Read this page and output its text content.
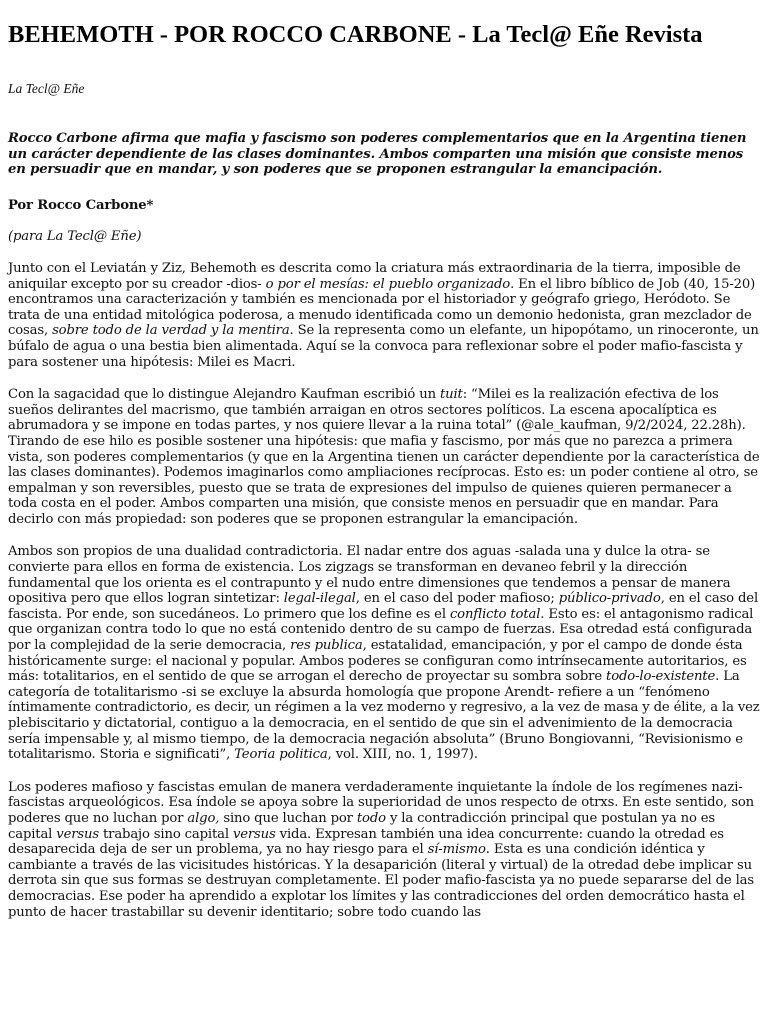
BEHEMOTH - POR ROCCO CARBONE - La Tecl@ Eñe Revista
La Tecl@ Eñe

Rocco Carbone afirma que mafia y fascismo son poderes complementarios que en la Argentina tienen un carácter dependiente de las clases dominantes. Ambos comparten una misión que consiste menos en persuadir que en mandar, y son poderes que se proponen estrangular la emancipación.

Por Rocco Carbone*

(para La Tecl@ Eñe)

Junto con el Leviatán y Ziz, Behemoth es descrita como la criatura más extraordinaria de la tierra, imposible de aniquilar excepto por su creador -dios- o por el mesías: el pueblo organizado. En el libro bíblico de Job (40, 15-20) encontramos una caracterización y también es mencionada por el historiador y geógrafo griego, Heródoto. Se trata de una entidad mitológica poderosa, a menudo identificada como un demonio hedonista, gran mezclador de cosas, sobre todo de la verdad y la mentira. Se la representa como un elefante, un hipopótamo, un rinoceronte, un búfalo de agua o una bestia bien alimentada. Aquí se la convoca para reflexionar sobre el poder mafio-fascista y para sostener una hipótesis: Milei es Macri.

Con la sagacidad que lo distingue Alejandro Kaufman escribió un tuit: “Milei es la realización efectiva de los sueños delirantes del macrismo, que también arraigan en otros sectores políticos. La escena apocalíptica es abrumadora y se impone en todas partes, y nos quiere llevar a la ruina total” (@ale_kaufman, 9/2/2024, 22.28h). Tirando de ese hilo es posible sostener una hipótesis: que mafia y fascismo, por más que no parezca a primera vista, son poderes complementarios (y que en la Argentina tienen un carácter dependiente por la característica de las clases dominantes). Podemos imaginarlos como ampliaciones recíprocas. Esto es: un poder contiene al otro, se empalman y son reversibles, puesto que se trata de expresiones del impulso de quienes quieren permanecer a toda costa en el poder. Ambos comparten una misión, que consiste menos en persuadir que en mandar. Para decirlo con más propiedad: son poderes que se proponen estrangular la emancipación.

Ambos son propios de una dualidad contradictoria. El nadar entre dos aguas -salada una y dulce la otra- se convierte para ellos en forma de existencia. Los zigzags se transforman en devaneo febril y la dirección fundamental que los orienta es el contrapunto y el nudo entre dimensiones que tendemos a pensar de manera opositiva pero que ellos logran sintetizar: legal-ilegal, en el caso del poder mafioso; público-privado, en el caso del fascista. Por ende, son sucedáneos. Lo primero que los define es el conflicto total. Esto es: el antagonismo radical que organizan contra todo lo que no está contenido dentro de su campo de fuerzas. Esa otredad está configurada por la complejidad de la serie democracia, res publica, estatalidad, emancipación, y por el campo de donde ésta históricamente surge: el nacional y popular. Ambos poderes se configuran como intrínsecamente autoritarios, es más: totalitarios, en el sentido de que se arrogan el derecho de proyectar su sombra sobre todo-lo-existente. La categoría de totalitarismo -si se excluye la absurda homología que propone Arendt- refiere a un “fenómeno íntimamente contradictorio, es decir, un régimen a la vez moderno y regresivo, a la vez de masa y de élite, a la vez plebiscitario y dictatorial, contiguo a la democracia, en el sentido de que sin el advenimiento de la democracia sería impensable y, al mismo tiempo, de la democracia negación absoluta” (Bruno Bongiovanni, “Revisionismo e totalitarismo. Storia e significati”, Teoria politica, vol. XIII, no. 1, 1997).

Los poderes mafioso y fascistas emulan de manera verdaderamente inquietante la índole de los regímenes nazi-fascistas arqueológicos. Esa índole se apoya sobre la superioridad de unos respecto de otrxs. En este sentido, son poderes que no luchan por algo, sino que luchan por todo y la contradicción principal que postulan ya no es capital versus trabajo sino capital versus vida. Expresan también una idea concurrente: cuando la otredad es desaparecida deja de ser un problema, ya no hay riesgo para el sí-mismo. Esta es una condición idéntica y cambiante a través de las vicisitudes históricas. Y la desaparición (literal y virtual) de la otredad debe implicar su derrota sin que sus formas se destruyan completamente. El poder mafio-fascista ya no puede separarse del de las democracias. Ese poder ha aprendido a explotar los límites y las contradicciones del orden democrático hasta el punto de hacer trastabillar su devenir identitario; sobre todo cuando las
